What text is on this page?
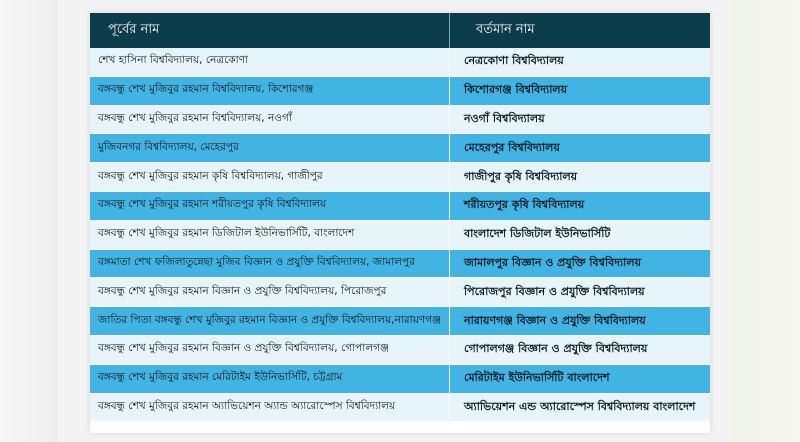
পূর্বের নাম	বর্তমান নাম
শেখ হাসিনা বিশ্ববিদ্যালয়, নেত্রকোণা	নেত্রকোণা বিশ্ববিদ্যালয়
বঙ্গবন্ধু শেখ মুজিবুর রহমান বিশ্ববিদ্যালয়, কিশোরগঞ্জ	কিশোরগঞ্জ বিশ্ববিদ্যালয়
বঙ্গবন্ধু শেখ মুজিবুর রহমান বিশ্ববিদ্যালয়, নওগাঁ	নওগাঁ বিশ্ববিদ্যালয়
মুজিবনগর বিশ্ববিদ্যালয়, মেহেরপুর	মেহেরপুর বিশ্ববিদ্যালয়
বঙ্গবন্ধু শেখ মুজিবুর রহমান কৃষি বিশ্ববিদ্যালয়, গাজীপুর	গাজীপুর কৃষি বিশ্ববিদ্যালয়
বঙ্গবন্ধু শেখ মুজিবুর রহমান শরীয়তপুর কৃষি বিশ্ববিদ্যালয়	শরীয়তপুর কৃষি বিশ্ববিদ্যালয়
বঙ্গবন্ধু শেখ মুজিবুর রহমান ডিজিটাল ইউনিভার্সিটি, বাংলাদেশ	বাংলাদেশ ডিজিটাল ইউনিভার্সিটি
বঙ্গমাতা শেখ ফজিলাতুন্নেছা মুজিব বিজ্ঞান ও প্রযুক্তি বিশ্ববিদ্যালয়, জামালপুর	জামালপুর বিজ্ঞান ও প্রযুক্তি বিশ্ববিদ্যালয়
বঙ্গবন্ধু শেখ মুজিবুর রহমান বিজ্ঞান ও প্রযুক্তি বিশ্ববিদ্যালয়, পিরোজপুর	পিরোজপুর বিজ্ঞান ও প্রযুক্তি বিশ্ববিদ্যালয়
জাতির পিতা বঙ্গবন্ধু শেখ মুজিবুর রহমান বিজ্ঞান ও প্রযুক্তি বিশ্ববিদ্যালয়,নারায়ণগঞ্জ	নারায়ণগঞ্জ বিজ্ঞান ও প্রযুক্তি বিশ্ববিদ্যালয়
বঙ্গবন্ধু শেখ মুজিবুর রহমান বিজ্ঞান ও প্রযুক্তি বিশ্ববিদ্যালয়, গোপালগঞ্জ	গোপালগঞ্জ বিজ্ঞান ও প্রযুক্তি বিশ্ববিদ্যালয়
বঙ্গবন্ধু শেখ মুজিবুর রহমান মেরিটাইম ইউনিভার্সিটি, চট্টগ্রাম	মেরিটাইম ইউনিভার্সিটি বাংলাদেশ
বঙ্গবন্ধু শেখ মুজিবুর রহমান অ্যাভিয়েশন অ্যান্ড অ্যারোস্পেস বিশ্ববিদ্যালয়	অ্যাভিয়েশন এন্ড অ্যারোস্পেস বিশ্ববিদ্যালয় বাংলাদেশ
